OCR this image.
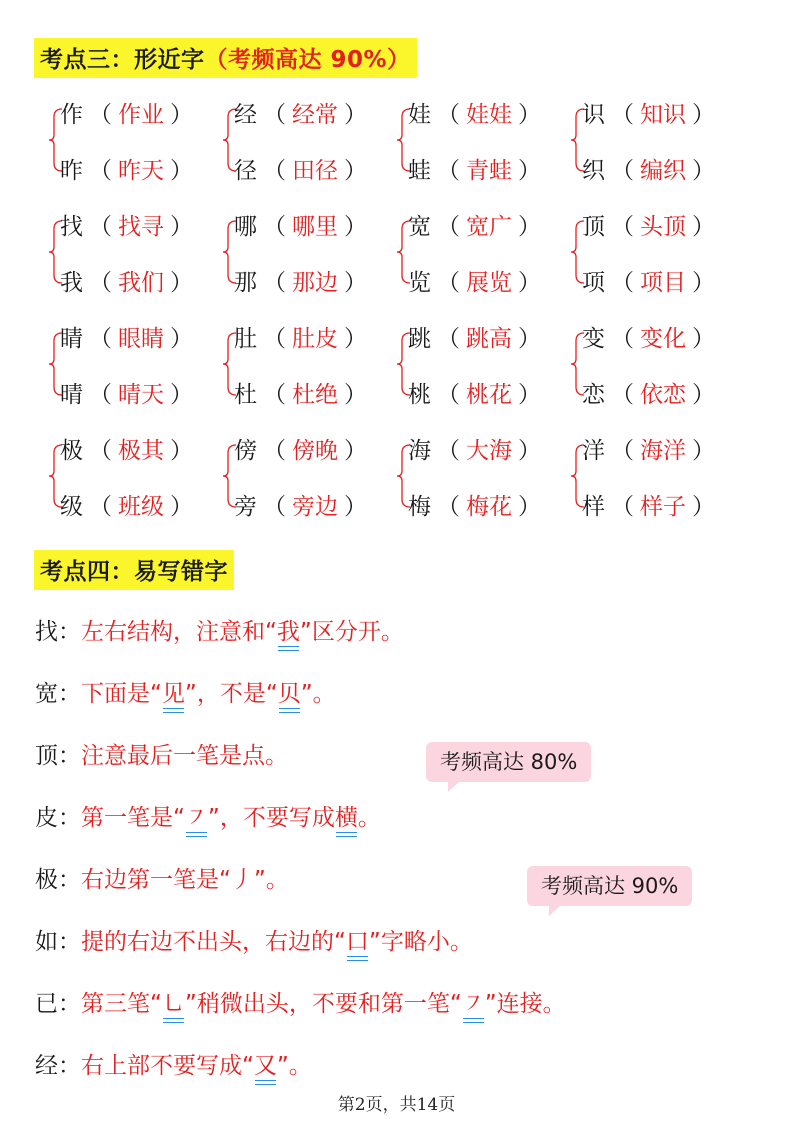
考点三：形近字（考频高达 90%）
作 （ 作业 ）
昨 （ 昨天 ）
经 （ 经常 ）
径 （ 田径 ）
娃 （ 娃娃 ）
蛙 （ 青蛙 ）
识 （ 知识 ）
织 （ 编织 ）
找 （ 找寻 ）
我 （ 我们 ）
哪 （ 哪里 ）
那 （ 那边 ）
宽 （ 宽广 ）
览 （ 展览 ）
顶 （ 头顶 ）
项 （ 项目 ）
睛 （ 眼睛 ）
晴 （ 晴天 ）
肚 （ 肚皮 ）
杜 （ 杜绝 ）
跳 （ 跳高 ）
桃 （ 桃花 ）
变 （ 变化 ）
恋 （ 依恋 ）
极 （ 极其 ）
级 （ 班级 ）
傍 （ 傍晚 ）
旁 （ 旁边 ）
海 （ 大海 ）
梅 （ 梅花 ）
洋 （ 海洋 ）
样 （ 样子 ）
考点四：易写错字
找：左右结构，注意和“我”区分开。
宽：下面是“见”，不是“贝”。
顶：注意最后一笔是点。
皮：第一笔是“㇇”，不要写成横。
极：右边第一笔是“丿”。
如：提的右边不出头，右边的“口”字略小。
已：第三笔“㇟”稍微出头，不要和第一笔“㇇”连接。
经：右上部不要写成“又”。
考频高达 80%
考频高达 90%
第2页，共14页
